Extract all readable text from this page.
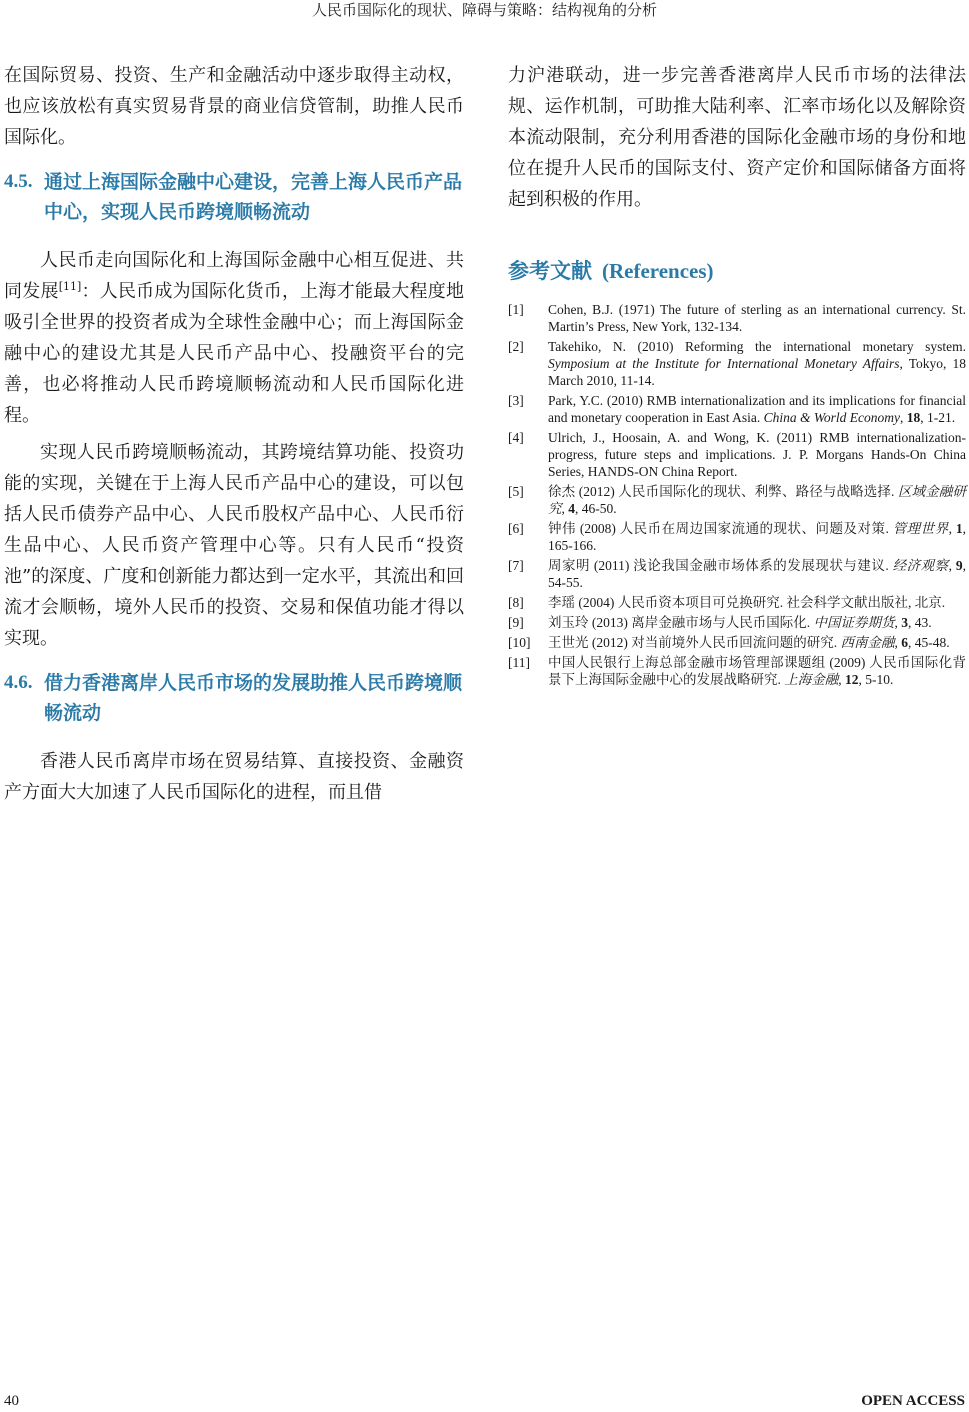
人民币国际化的现状、障碍与策略：结构视角的分析

在国际贸易、投资、生产和金融活动中逐步取得主动权，也应该放松有真实贸易背景的商业信贷管制，助推人民币国际化。

4.5. 通过上海国际金融中心建设，完善上海人民币产品中心，实现人民币跨境顺畅流动

人民币走向国际化和上海国际金融中心相互促进、共同发展[11]：人民币成为国际化货币，上海才能最大程度地吸引全世界的投资者成为全球性金融中心；而上海国际金融中心的建设尤其是人民币产品中心、投融资平台的完善，也必将推动人民币跨境顺畅流动和人民币国际化进程。

实现人民币跨境顺畅流动，其跨境结算功能、投资功能的实现，关键在于上海人民币产品中心的建设，可以包括人民币债券产品中心、人民币股权产品中心、人民币衍生品中心、人民币资产管理中心等。只有人民币“投资池”的深度、广度和创新能力都达到一定水平，其流出和回流才会顺畅，境外人民币的投资、交易和保值功能才得以实现。

4.6. 借力香港离岸人民币市场的发展助推人民币跨境顺畅流动

香港人民币离岸市场在贸易结算、直接投资、金融资产方面大大加速了人民币国际化的进程，而且借

力沪港联动，进一步完善香港离岸人民币市场的法律法规、运作机制，可助推大陆利率、汇率市场化以及解除资本流动限制，充分利用香港的国际化金融市场的身份和地位在提升人民币的国际支付、资产定价和国际储备方面将起到积极的作用。

参考文献 (References)
[1]	Cohen, B.J. (1971) The future of sterling as an international currency. St. Martin’s Press, New York, 132-134.
[2]	Takehiko, N. (2010) Reforming the international monetary system. Symposium at the Institute for International Monetary Affairs, Tokyo, 18 March 2010, 11-14.
[3]	Park, Y.C. (2010) RMB internationalization and its implications for financial and monetary cooperation in East Asia. China & World Economy, 18, 1-21.
[4]	Ulrich, J., Hoosain, A. and Wong, K. (2011) RMB internationalization-progress, future steps and implications. J. P. Morgans Hands-On China Series, HANDS-ON China Report.
[5]	徐杰 (2012) 人民币国际化的现状、利弊、路径与战略选择. 区域金融研究, 4, 46-50.
[6]	钟伟 (2008) 人民币在周边国家流通的现状、问题及对策. 管理世界, 1, 165-166.
[7]	周家明 (2011) 浅论我国金融市场体系的发展现状与建议. 经济观察, 9, 54-55.
[8]	李瑶 (2004) 人民币资本项目可兑换研究. 社会科学文献出版社, 北京.
[9]	刘玉玲 (2013) 离岸金融市场与人民币国际化. 中国证券期货, 3, 43.
[10]	王世光 (2012) 对当前境外人民币回流问题的研究. 西南金融, 6, 45-48.
[11]	中国人民银行上海总部金融市场管理部课题组 (2009) 人民币国际化背景下上海国际金融中心的发展战略研究. 上海金融, 12, 5-10.
40	OPEN ACCESS
